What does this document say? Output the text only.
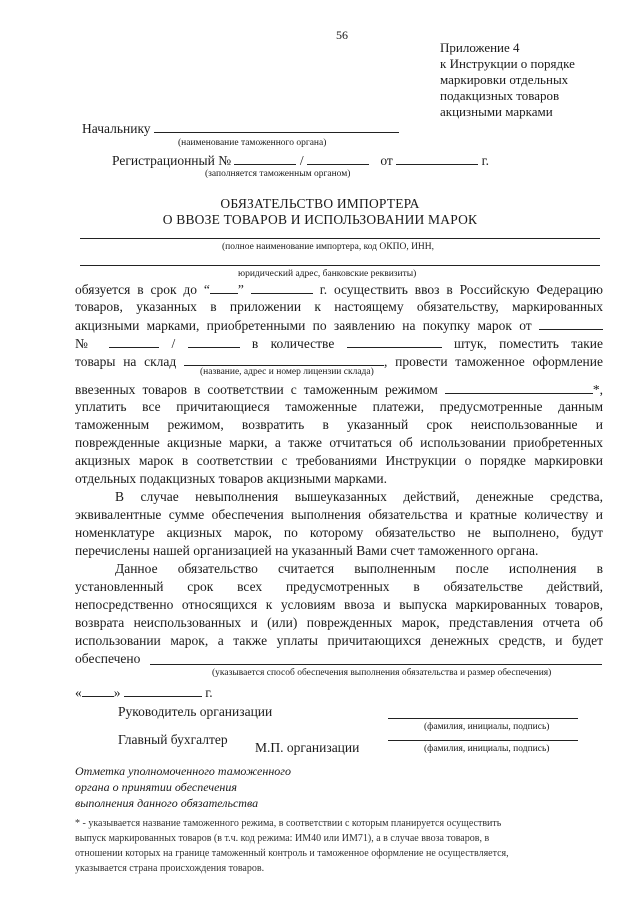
56
Приложение 4
к Инструкции о порядке
маркировки отдельных
подакцизных товаров
акцизными марками
Начальнику
(наименование таможенного органа)
Регистрационный №	/	от	г.
(заполняется таможенным органом)
ОБЯЗАТЕЛЬСТВО ИМПОРТЕРА
О ВВОЗЕ ТОВАРОВ И ИСПОЛЬЗОВАНИИ МАРОК
(полное наименование импортера, код ОКПО, ИНН,
юридический адрес, банковские реквизиты)
обязуется в срок до “ ”	г. осуществить ввоз в Российскую Федерацию
товаров, указанных в приложении к настоящему обязательству, маркированных
акцизными марками, приобретенными по заявлению на покупку марок от
№	/	в количестве	штук, поместить такие
товары на склад	, провести таможенное оформление
(название, адрес и номер лицензии склада)
ввезенных товаров в соответствии с таможенным режимом	*,
уплатить все причитающиеся таможенные платежи, предусмотренные данным
таможенным режимом, возвратить в указанный срок неиспользованные и
поврежденные акцизные марки, а также отчитаться об использовании приобретенных
акцизных марок в соответствии с требованиями Инструкции о порядке маркировки
отдельных подакцизных товаров акцизными марками.
В случае невыполнения вышеуказанных действий, денежные средства,
эквивалентные сумме обеспечения выполнения обязательства и кратные количеству и
номенклатуре акцизных марок, по которому обязательство не выполнено, будут
перечислены нашей организацией на указанный Вами счет таможенного органа.
Данное обязательство считается выполненным после исполнения в
установленный срок всех предусмотренных в обязательстве действий,
непосредственно относящихся к условиям ввоза и выпуска маркированных товаров,
возврата неиспользованных и (или) поврежденных марок, представления отчета об
использовании марок, а также уплаты причитающихся денежных средств, и будет
обеспечено
(указывается способ обеспечения выполнения обязательства и размер обеспечения)
« »	г.
Руководитель организации
(фамилия, инициалы, подпись)
Главный бухгалтер
М.П. организации	(фамилия, инициалы, подпись)
Отметка уполномоченного таможенного
органа о принятии обеспечения
выполнения данного обязательства
* - указывается название таможенного режима, в соответствии с которым планируется осуществить
выпуск маркированных товаров (в т.ч. код режима: ИМ40 или ИМ71), а в случае ввоза товаров, в
отношении которых на границе таможенный контроль и таможенное оформление не осуществляется,
указывается страна происхождения товаров.
